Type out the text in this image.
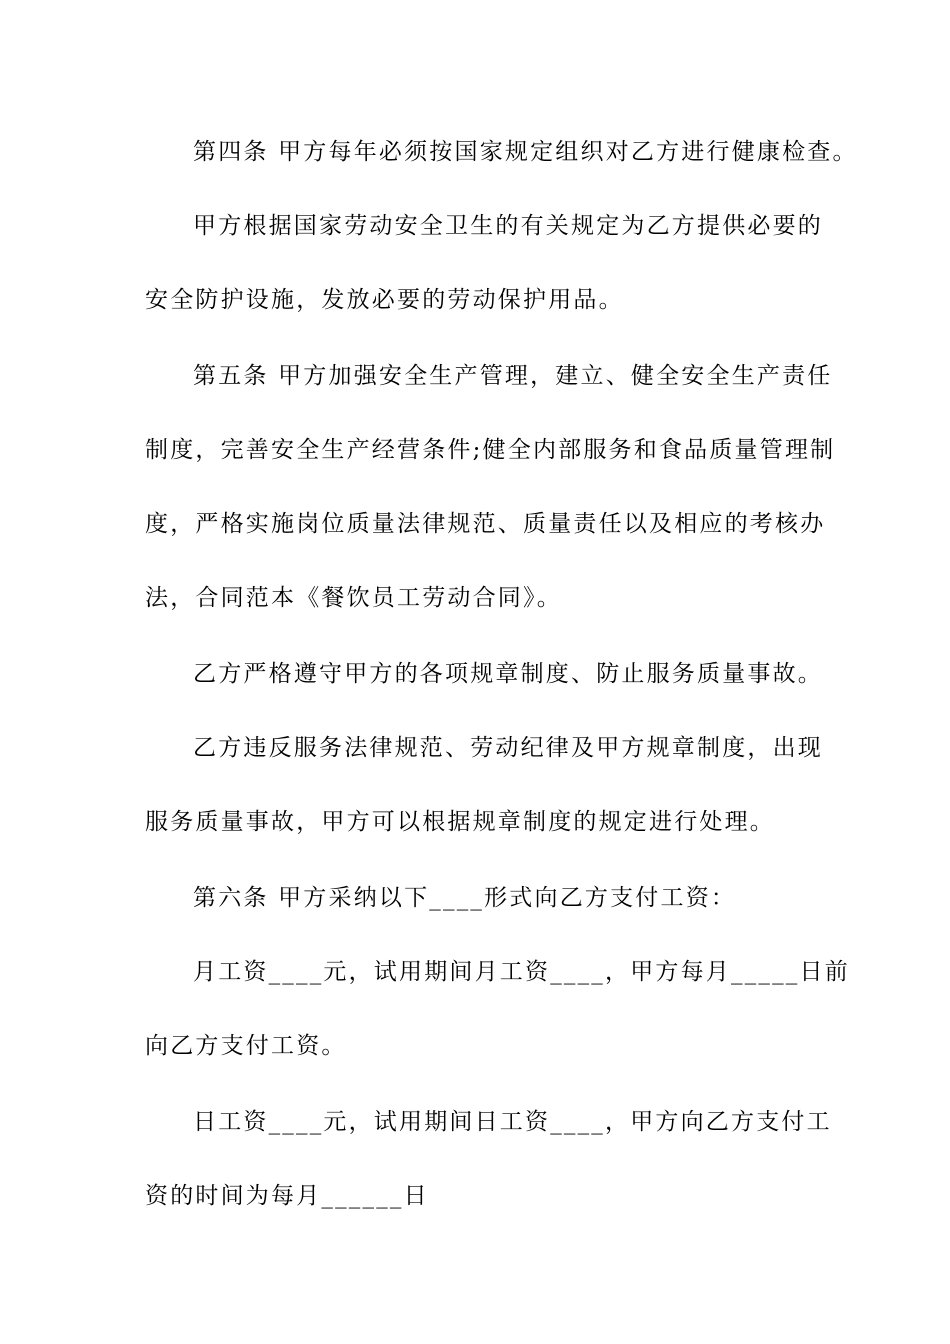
第四条 甲方每年必须按国家规定组织对乙方进行健康检查。
甲方根据国家劳动安全卫生的有关规定为乙方提供必要的
安全防护设施，发放必要的劳动保护用品。
第五条 甲方加强安全生产管理，建立、健全安全生产责任
制度，完善安全生产经营条件;健全内部服务和食品质量管理制
度，严格实施岗位质量法律规范、质量责任以及相应的考核办
法，合同范本《餐饮员工劳动合同》。
乙方严格遵守甲方的各项规章制度、防止服务质量事故。
乙方违反服务法律规范、劳动纪律及甲方规章制度，出现
服务质量事故，甲方可以根据规章制度的规定进行处理。
第六条 甲方采纳以下____形式向乙方支付工资：
月工资____元，试用期间月工资____，甲方每月_____日前
向乙方支付工资。
日工资____元，试用期间日工资____，甲方向乙方支付工
资的时间为每月______日
